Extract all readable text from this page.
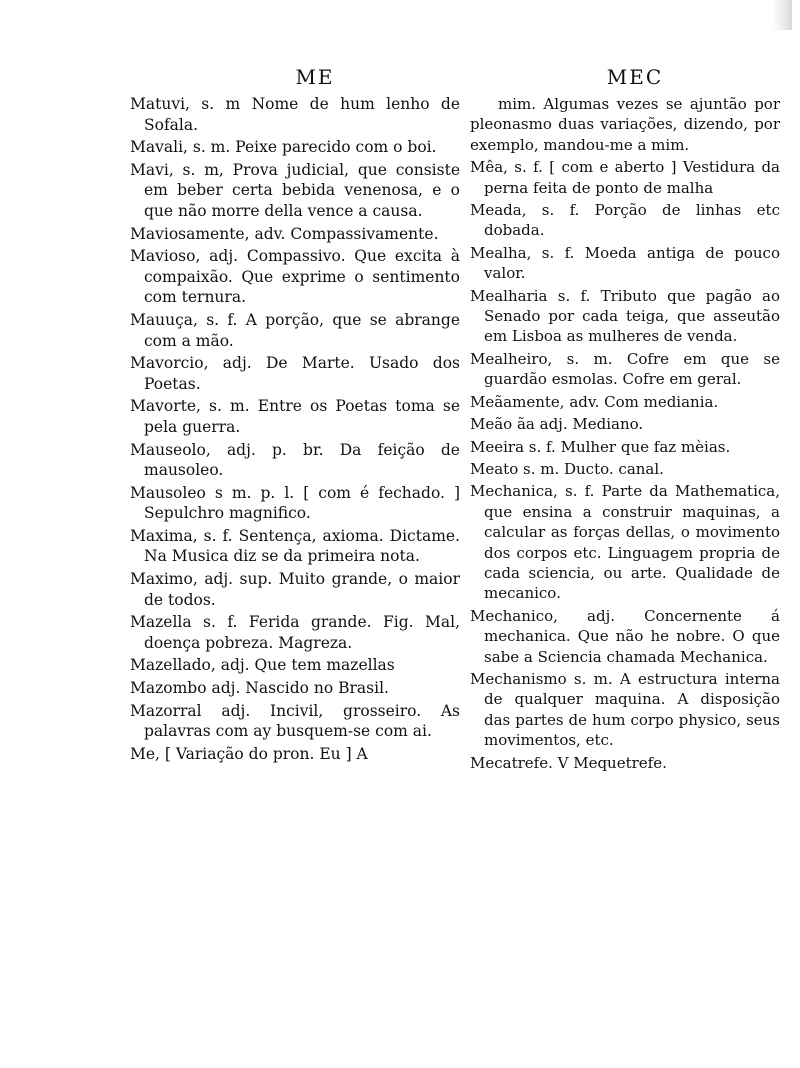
ME

Matuvi, s. m Nome de hum lenho de Sofala.

Mavali, s. m. Peixe parecido com o boi.

Mavi, s. m, Prova judicial, que consiste em beber certa bebida venenosa, e o que não morre della vence a causa.

Maviosamente, adv. Compassivamente.

Mavioso, adj. Compassivo. Que excita à compaixão. Que exprime o sentimento com ternura.

Mauuça, s. f. A porção, que se abrange com a mão.

Mavorcio, adj. De Marte. Usado dos Poetas.

Mavorte, s. m. Entre os Poetas toma se pela guerra.

Mauseolo, adj. p. br. Da feição de mausoleo.

Mausoleo s m. p. l. [ com é fechado. ] Sepulchro magnifico.

Maxima, s. f. Sentença, axioma. Dictame. Na Musica diz se da primeira nota.

Maximo, adj. sup. Muito grande, o maior de todos.

Mazella s. f. Ferida grande. Fig. Mal, doença pobreza. Magreza.

Mazellado, adj. Que tem mazellas

Mazombo adj. Nascido no Brasil.

Mazorral adj. Incivil, grosseiro. As palavras com ay busquem-se com ai.

Me, [ Variação do pron. Eu ] A

MEC

mim. Algumas vezes se ajuntão por pleonasmo duas variações, dizendo, por exemplo, mandou-me a mim.

Mêa, s. f. [ com e aberto ] Vestidura da perna feita de ponto de malha

Meada, s. f. Porção de linhas etc dobada.

Mealha, s. f. Moeda antiga de pouco valor.

Mealharia s. f. Tributo que pagão ao Senado por cada teiga, que asseutão em Lisboa as mulheres de venda.

Mealheiro, s. m. Cofre em que se guardão esmolas. Cofre em geral.

Meãamente, adv. Com mediania.

Meão ãa adj. Mediano.

Meeira s. f. Mulher que faz mèias.

Meato s. m. Ducto. canal.

Mechanica, s. f. Parte da Mathematica, que ensina a construir maquinas, a calcular as forças dellas, o movimento dos corpos etc. Linguagem propria de cada sciencia, ou arte. Qualidade de mecanico.

Mechanico, adj. Concernente á mechanica. Que não he nobre. O que sabe a Sciencia chamada Mechanica.

Mechanismo s. m. A estructura interna de qualquer maquina. A disposição das partes de hum corpo physico, seus movimentos, etc.

Mecatrefe. V Mequetrefe.
